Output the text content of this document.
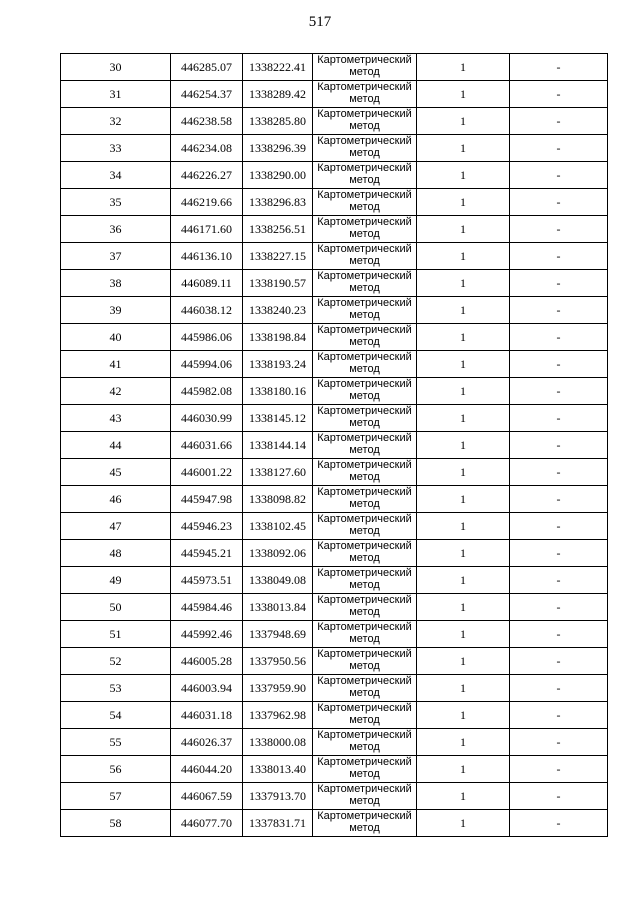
517
30	446285.07	1338222.41	Картометрический
метод	1	-
31	446254.37	1338289.42	Картометрический
метод	1	-
32	446238.58	1338285.80	Картометрический
метод	1	-
33	446234.08	1338296.39	Картометрический
метод	1	-
34	446226.27	1338290.00	Картометрический
метод	1	-
35	446219.66	1338296.83	Картометрический
метод	1	-
36	446171.60	1338256.51	Картометрический
метод	1	-
37	446136.10	1338227.15	Картометрический
метод	1	-
38	446089.11	1338190.57	Картометрический
метод	1	-
39	446038.12	1338240.23	Картометрический
метод	1	-
40	445986.06	1338198.84	Картометрический
метод	1	-
41	445994.06	1338193.24	Картометрический
метод	1	-
42	445982.08	1338180.16	Картометрический
метод	1	-
43	446030.99	1338145.12	Картометрический
метод	1	-
44	446031.66	1338144.14	Картометрический
метод	1	-
45	446001.22	1338127.60	Картометрический
метод	1	-
46	445947.98	1338098.82	Картометрический
метод	1	-
47	445946.23	1338102.45	Картометрический
метод	1	-
48	445945.21	1338092.06	Картометрический
метод	1	-
49	445973.51	1338049.08	Картометрический
метод	1	-
50	445984.46	1338013.84	Картометрический
метод	1	-
51	445992.46	1337948.69	Картометрический
метод	1	-
52	446005.28	1337950.56	Картометрический
метод	1	-
53	446003.94	1337959.90	Картометрический
метод	1	-
54	446031.18	1337962.98	Картометрический
метод	1	-
55	446026.37	1338000.08	Картометрический
метод	1	-
56	446044.20	1338013.40	Картометрический
метод	1	-
57	446067.59	1337913.70	Картометрический
метод	1	-
58	446077.70	1337831.71	Картометрический
метод	1	-
